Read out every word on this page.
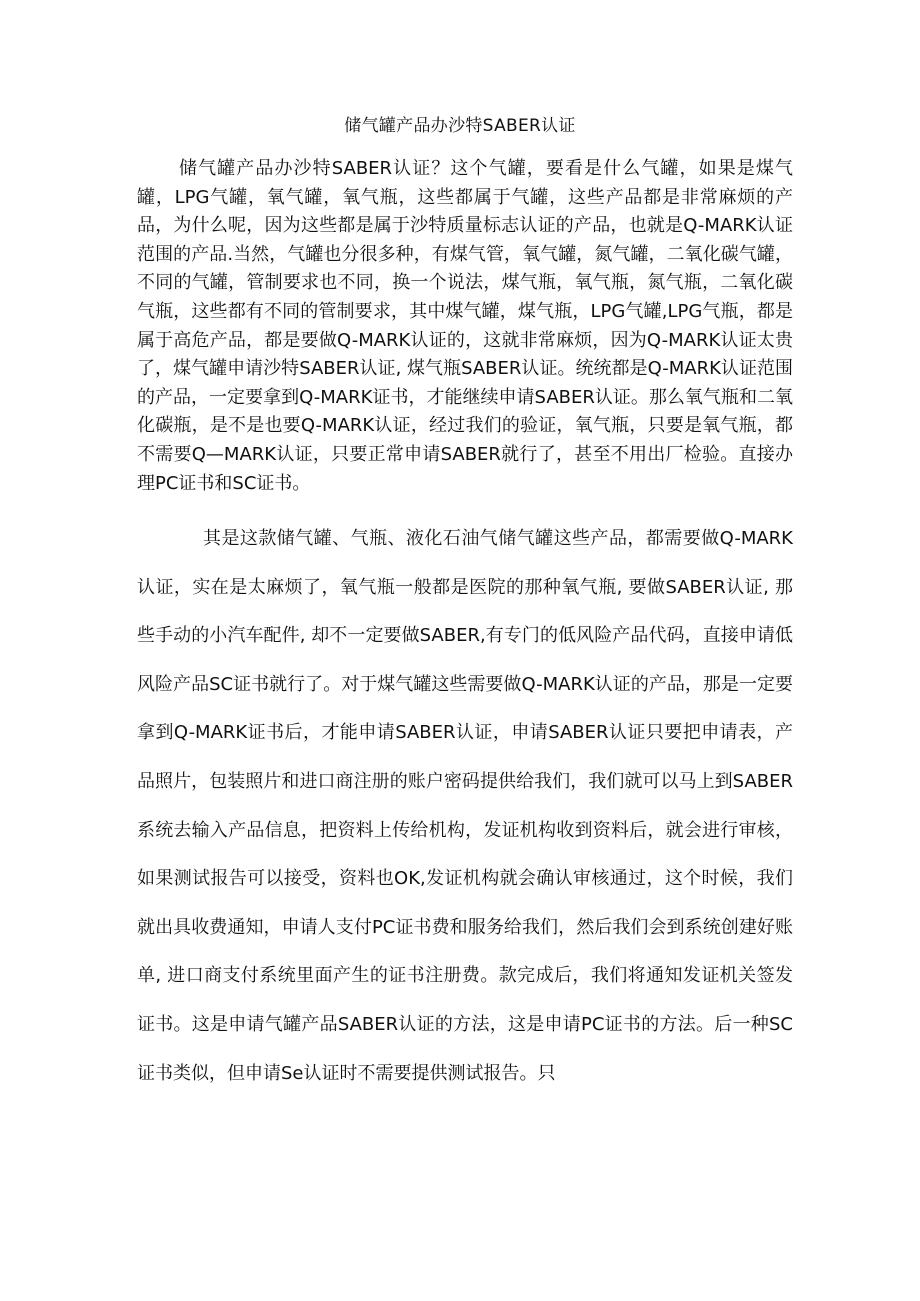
储气罐产品办沙特SABER认证

储气罐产品办沙特SABER认证？这个气罐，要看是什么气罐，如果是煤气罐，LPG气罐，氧气罐，氧气瓶，这些都属于气罐，这些产品都是非常麻烦的产品，为什么呢，因为这些都是属于沙特质量标志认证的产品，也就是Q-MARK认证范围的产品.当然，气罐也分很多种，有煤气管，氧气罐，氮气罐，二氧化碳气罐，不同的气罐，管制要求也不同，换一个说法，煤气瓶，氧气瓶，氮气瓶，二氧化碳气瓶，这些都有不同的管制要求，其中煤气罐，煤气瓶，LPG气罐,LPG气瓶，都是属于高危产品，都是要做Q-MARK认证的，这就非常麻烦，因为Q-MARK认证太贵了，煤气罐申请沙特SABER认证, 煤气瓶SABER认证。统统都是Q-MARK认证范围的产品，一定要拿到Q-MARK证书，才能继续申请SABER认证。那么氧气瓶和二氧化碳瓶，是不是也要Q-MARK认证，经过我们的验证，氧气瓶，只要是氧气瓶，都不需要Q—MARK认证，只要正常申请SABER就行了，甚至不用出厂检验。直接办理PC证书和SC证书。

其是这款储气罐、气瓶、液化石油气储气罐这些产品，都需要做Q-MARK认证，实在是太麻烦了，氧气瓶一般都是医院的那种氧气瓶, 要做SABER认证, 那些手动的小汽车配件, 却不一定要做SABER,有专门的低风险产品代码，直接申请低风险产品SC证书就行了。对于煤气罐这些需要做Q-MARK认证的产品，那是一定要拿到Q-MARK证书后，才能申请SABER认证，申请SABER认证只要把申请表，产品照片，包装照片和进口商注册的账户密码提供给我们，我们就可以马上到SABER系统去输入产品信息，把资料上传给机构，发证机构收到资料后，就会进行审核，如果测试报告可以接受，资料也OK,发证机构就会确认审核通过，这个时候，我们就出具收费通知，申请人支付PC证书费和服务给我们，然后我们会到系统创建好账单, 进口商支付系统里面产生的证书注册费。款完成后，我们将通知发证机关签发证书。这是申请气罐产品SABER认证的方法，这是申请PC证书的方法。后一种SC证书类似，但申请Se认证时不需要提供测试报告。只
